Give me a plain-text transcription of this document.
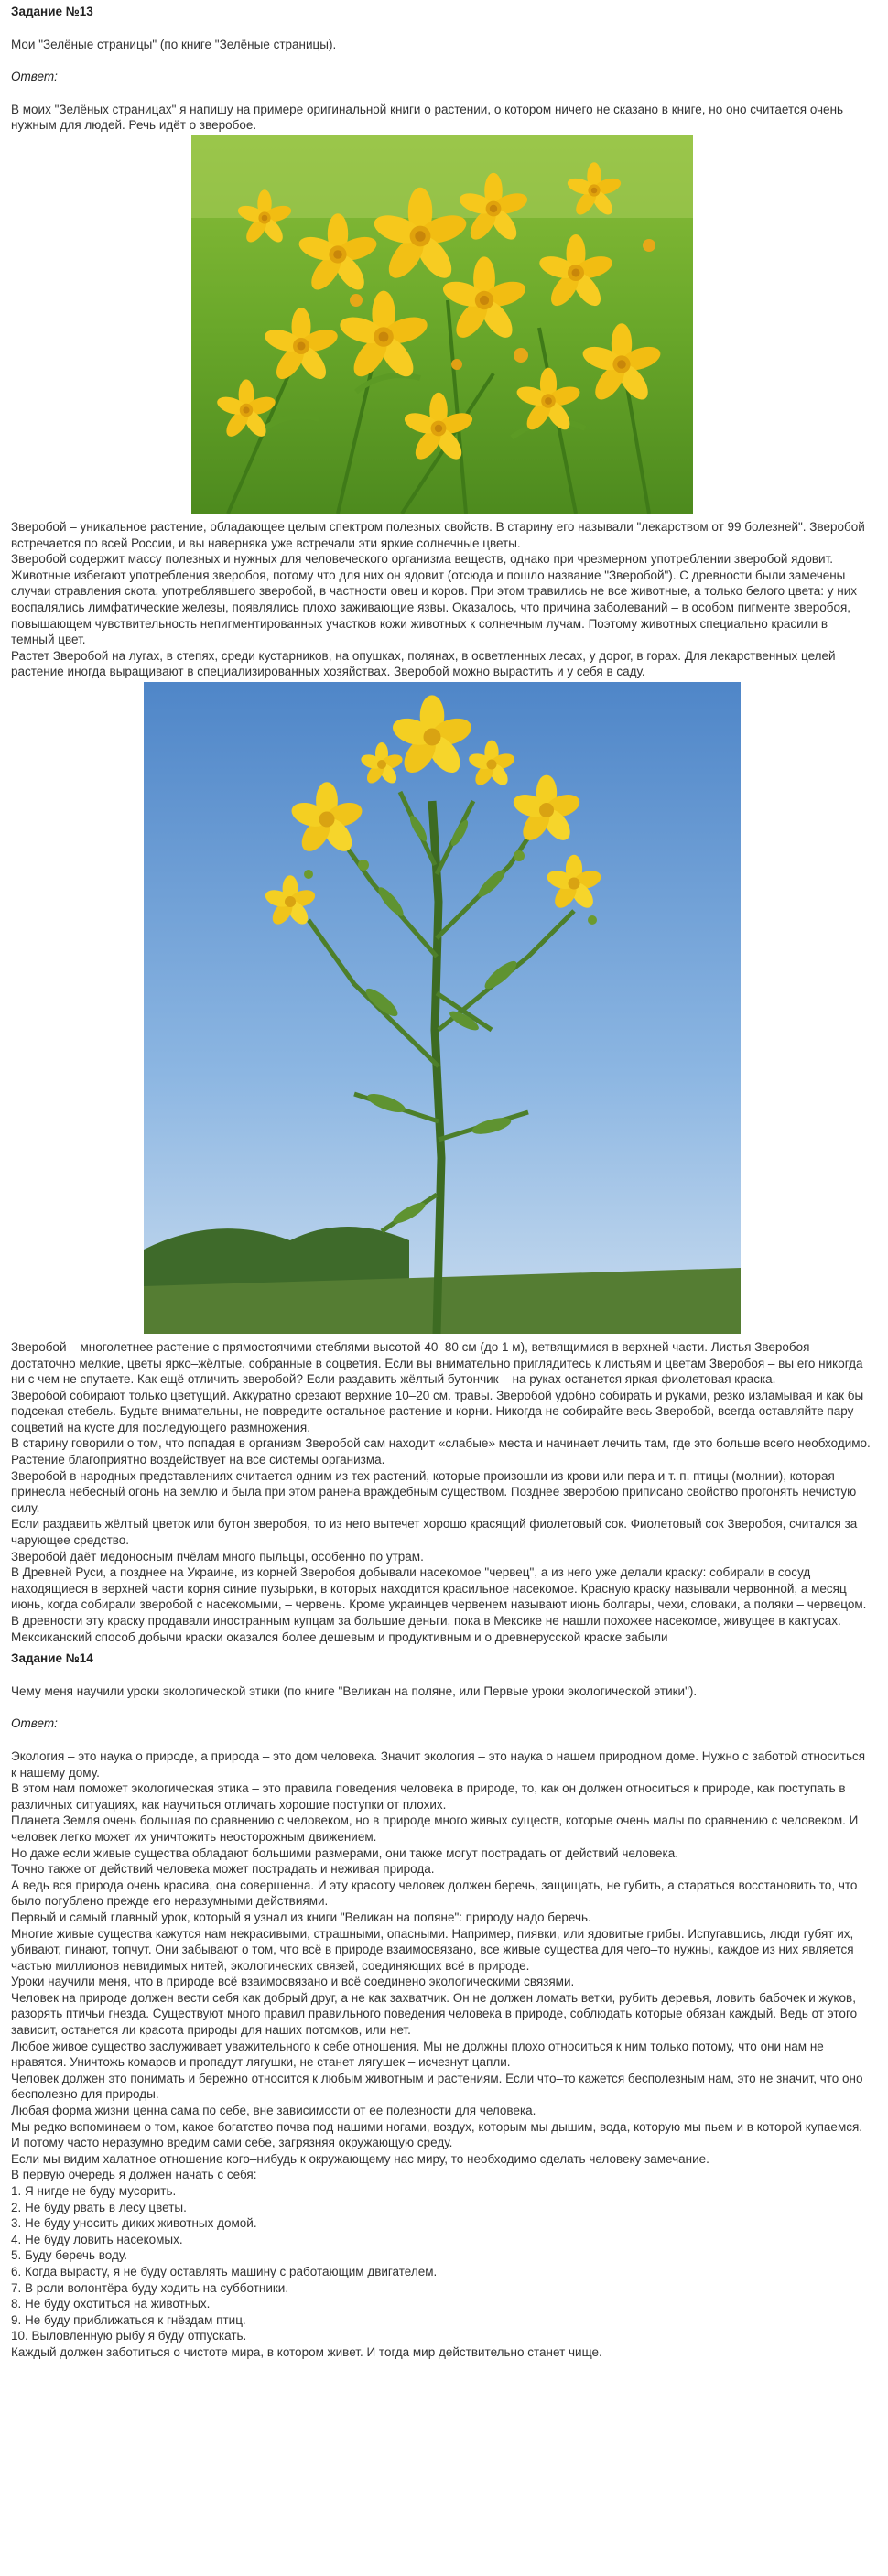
Задание №13
Мои "Зелёные страницы" (по книге "Зелёные страницы).
Ответ:
В моих "Зелёных страницах" я напишу на примере оригинальной книги о растении, о котором ничего не сказано в книге, но оно считается очень нужным для людей. Речь идёт о зверобое.
Зверобой – уникальное растение, обладающее целым спектром полезных свойств. В старину его называли "лекарством от 99 болезней". Зверобой встречается по всей России, и вы наверняка уже встречали эти яркие солнечные цветы.
Зверобой содержит массу полезных и нужных для человеческого организма веществ, однако при чрезмерном употреблении зверобой ядовит.
Животные избегают употребления зверобоя, потому что для них он ядовит (отсюда и пошло название "Зверобой"). С древности были замечены случаи отравления скота, употреблявшего зверобой, в частности овец и коров. При этом травились не все животные, а только белого цвета: у них воспалялись лимфатические железы, появлялись плохо заживающие язвы. Оказалось, что причина заболеваний – в особом пигменте зверобоя, повышающем чувствительность непигментированных участков кожи животных к солнечным лучам. Поэтому животных специально красили в темный цвет.
Растет Зверобой на лугах, в степях, среди кустарников, на опушках, полянах, в осветленных лесах, у дорог, в горах. Для лекарственных целей растение иногда выращивают в специализированных хозяйствах. Зверобой можно вырастить и у себя в саду.
Зверобой – многолетнее растение с прямостоячими стеблями высотой 40–80 см (до 1 м), ветвящимися в верхней части. Листья Зверобоя достаточно мелкие, цветы ярко–жёлтые, собранные в соцветия. Если вы внимательно приглядитесь к листьям и цветам Зверобоя – вы его никогда ни с чем не спутаете. Как ещё отличить зверобой? Если раздавить жёлтый бутончик – на руках останется яркая фиолетовая краска.
Зверобой собирают только цветущий. Аккуратно срезают верхние 10–20 см. травы. Зверобой удобно собирать и руками, резко изламывая и как бы подсекая стебель. Будьте внимательны, не повредите остальное растение и корни. Никогда не собирайте весь Зверобой, всегда оставляйте пару соцветий на кусте для последующего размножения.
В старину говорили о том, что попадая в организм Зверобой сам находит «слабые» места и начинает лечить там, где это больше всего необходимо. Растение благоприятно воздействует на все системы организма.
Зверобой в народных представлениях считается одним из тех растений, которые произошли из крови или пера и т. п. птицы (молнии), которая принесла небесный огонь на землю и была при этом ранена враждебным существом. Позднее зверобою приписано свойство прогонять нечистую силу.
Если раздавить жёлтый цветок или бутон зверобоя, то из него вытечет хорошо красящий фиолетовый сок. Фиолетовый сок Зверобоя, считался за чарующее средство.
Зверобой даёт медоносным пчёлам много пыльцы, особенно по утрам.
В Древней Руси, а позднее на Украине, из корней Зверобоя добывали насекомое "червец", а из него уже делали краску: собирали в сосуд находящиеся в верхней части корня синие пузырьки, в которых находится красильное насекомое. Красную краску называли червонной, а месяц июнь, когда собирали зверобой с насекомыми, – червень. Кроме украинцев червенем называют июнь болгары, чехи, словаки, а поляки – червецом. В древности эту краску продавали иностранным купцам за большие деньги, пока в Мексике не нашли похожее насекомое, живущее в кактусах. Мексиканский способ добычи краски оказался более дешевым и продуктивным и о древнерусской краске забыли
Задание №14
Чему меня научили уроки экологической этики (по книге "Великан на поляне, или Первые уроки экологической этики").
Ответ:
Экология – это наука о природе, а природа – это дом человека. Значит экология – это наука о нашем природном доме. Нужно с заботой относиться к нашему дому.
В этом нам поможет экологическая этика – это правила поведения человека в природе, то, как он должен относиться к природе, как поступать в различных ситуациях, как научиться отличать хорошие поступки от плохих.
Планета Земля очень большая по сравнению с человеком, но в природе много живых существ, которые очень малы по сравнению с человеком. И человек легко может их уничтожить неосторожным движением.
Но даже если живые существа обладают большими размерами, они также могут пострадать от действий человека.
Точно также от действий человека может пострадать и неживая природа.
А ведь вся природа очень красива, она совершенна. И эту красоту человек должен беречь, защищать, не губить, а стараться восстановить то, что было погублено прежде его неразумными действиями.
Первый и самый главный урок, который я узнал из книги "Великан на поляне": природу надо беречь.
Многие живые существа кажутся нам некрасивыми, страшными, опасными. Например, пиявки, или ядовитые грибы. Испугавшись, люди губят их, убивают, пинают, топчут. Они забывают о том, что всё в природе взаимосвязано, все живые существа для чего–то нужны, каждое из них является частью миллионов невидимых нитей, экологических связей, соединяющих всё в природе.
Уроки научили меня, что в природе всё взаимосвязано и всё соединено экологическими связями.
Человек на природе должен вести себя как добрый друг, а не как захватчик. Он не должен ломать ветки, рубить деревья, ловить бабочек и жуков, разорять птичьи гнезда. Существуют много правил правильного поведения человека в природе, соблюдать которые обязан каждый. Ведь от этого зависит, останется ли красота природы для наших потомков, или нет.
Любое живое существо заслуживает уважительного к себе отношения. Мы не должны плохо относиться к ним только потому, что они нам не нравятся. Уничтожь комаров и пропадут лягушки, не станет лягушек – исчезнут цапли.
Человек должен это понимать и бережно относится к любым животным и растениям. Если что–то кажется бесполезным нам, это не значит, что оно бесполезно для природы.
Любая форма жизни ценна сама по себе, вне зависимости от ее полезности для человека.
Мы редко вспоминаем о том, какое богатство почва под нашими ногами, воздух, которым мы дышим, вода, которую мы пьем и в которой купаемся. И потому часто неразумно вредим сами себе, загрязняя окружающую среду.
Если мы видим халатное отношение кого–нибудь к окружающему нас миру, то необходимо сделать человеку замечание.
В первую очередь я должен начать с себя:
1. Я нигде не буду мусорить.
2. Не буду рвать в лесу цветы.
3. Не буду уносить диких животных домой.
4. Не буду ловить насекомых.
5. Буду беречь воду.
6. Когда вырасту, я не буду оставлять машину с работающим двигателем.
7. В роли волонтёра буду ходить на субботники.
8. Не буду охотиться на животных.
9. Не буду приближаться к гнёздам птиц.
10. Выловленную рыбу я буду отпускать.
Каждый должен заботиться о чистоте мира, в котором живет. И тогда мир действительно станет чище.
